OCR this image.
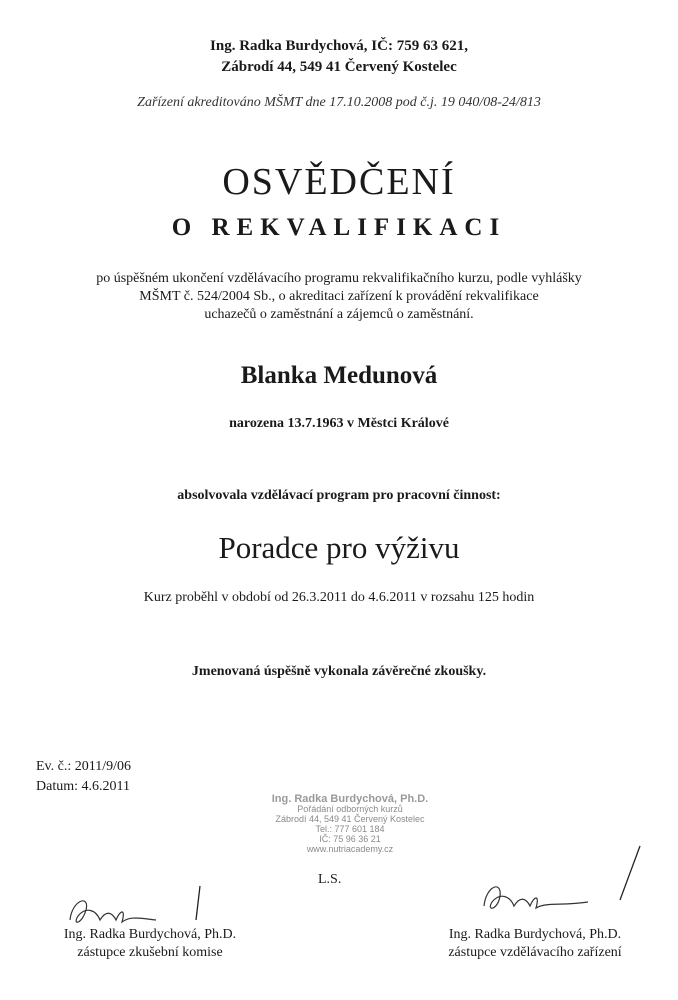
Ing. Radka Burdychová, IČ: 759 63 621,
Zábrodí 44, 549 41 Červený Kostelec
Zařízení akreditováno MŠMT dne 17.10.2008 pod č.j. 19 040/08-24/813
OSVĚDČENÍ
O REKVALIFIKACI
po úspěšném ukončení vzdělávacího programu rekvalifikačního kurzu, podle vyhlášky
MŠMT č. 524/2004 Sb., o akreditaci zařízení k provádění rekvalifikace
uchazečů o zaměstnání a zájemců o zaměstnání.
Blanka Medunová
narozena 13.7.1963 v Městci Králové
absolvovala vzdělávací program pro pracovní činnost:
Poradce pro výživu
Kurz proběhl v období od 26.3.2011 do 4.6.2011 v rozsahu 125 hodin
Jmenovaná úspěšně vykonala závěrečné zkoušky.
Ev. č.: 2011/9/06
Datum: 4.6.2011
Ing. Radka Burdychová, Ph.D.
Pořádání odborných kurzů
Zábrodí 44, 549 41 Červený Kostelec
Tel.: 777 601 184
IČ: 75 96 36 21
www.nutriacademy.cz
L.S.
Ing. Radka Burdychová, Ph.D.
zástupce zkušební komise
Ing. Radka Burdychová, Ph.D.
zástupce vzdělávacího zařízení
